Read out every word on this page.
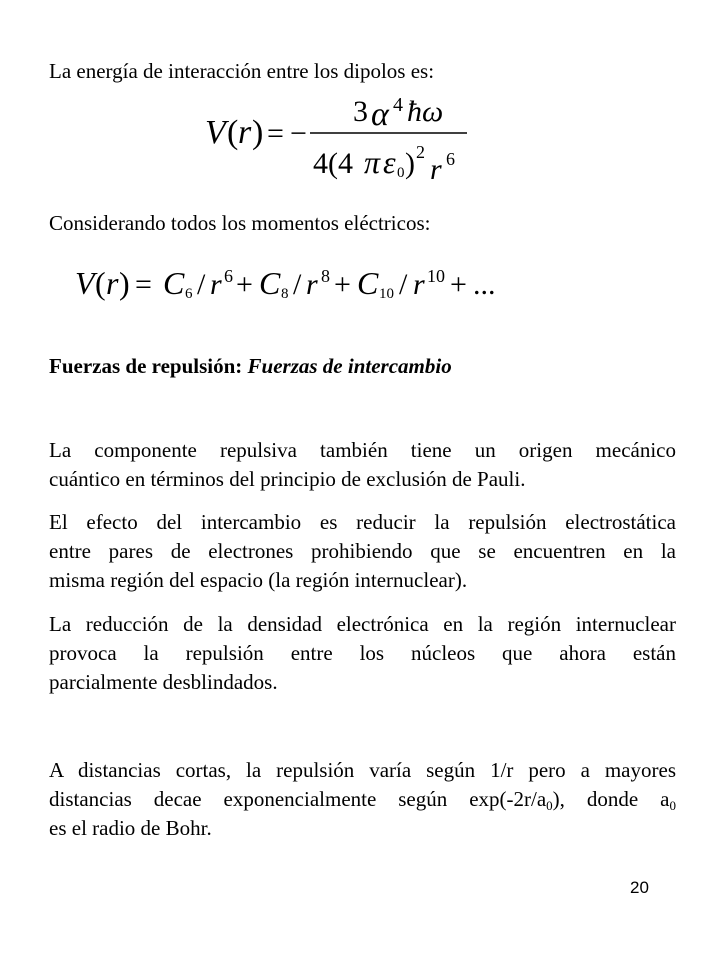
La energía de interacción entre los dipolos es:
V ( r ) = −
3 α 4 ħω
4(4 π ε 0 ) 2
r 6
Considerando todos los momentos eléctricos:
V ( r ) = C 6 / r 6 + C 8 / r 8 + C 10 / r 10 + ...
Fuerzas de repulsión: Fuerzas de intercambio
La componente repulsiva también tiene un origen mecánico
cuántico en términos del principio de exclusión de Pauli.
El efecto del intercambio es reducir la repulsión electrostática
entre pares de electrones prohibiendo que se encuentren en la
misma región del espacio (la región internuclear).
La reducción de la densidad electrónica en la región internuclear
provoca la repulsión entre los núcleos que ahora están
parcialmente desblindados.
A distancias cortas, la repulsión varía según 1/r pero a mayores
distancias decae exponencialmente según $\exp(-2r/a_0)$, donde $a_0$
es el radio de Bohr.
20
